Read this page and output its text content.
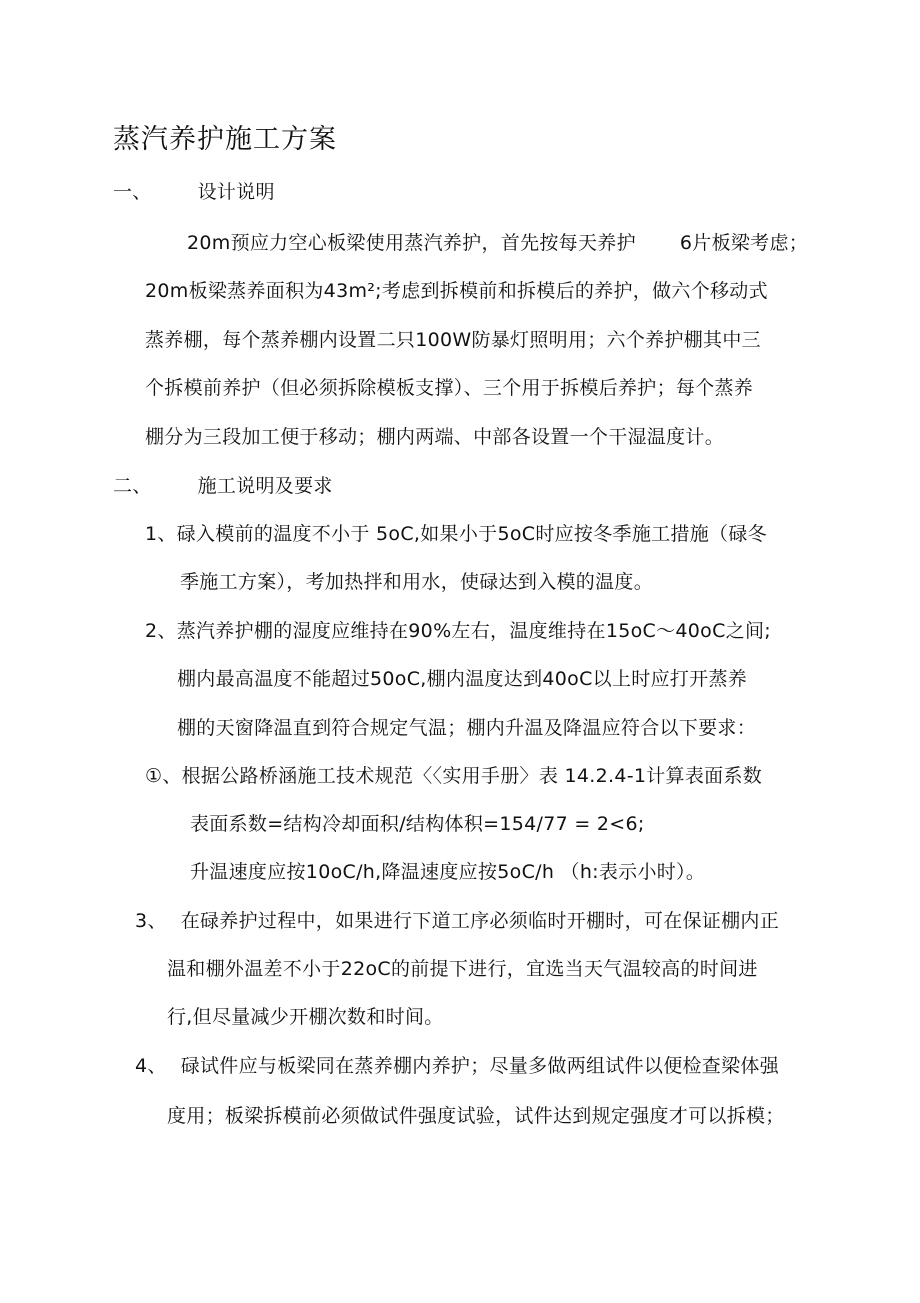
蒸汽养护施工方案
一、 设计说明
20m预应力空心板梁使用蒸汽养护，首先按每天养护 6片板梁考虑；
20m板梁蒸养面积为43m²;考虑到拆模前和拆模后的养护，做六个移动式
蒸养棚，每个蒸养棚内设置二只100W防暴灯照明用；六个养护棚其中三
个拆模前养护（但必须拆除模板支撑）、三个用于拆模后养护；每个蒸养
棚分为三段加工便于移动；棚内两端、中部各设置一个干湿温度计。
二、 施工说明及要求
1、碌入模前的温度不小于 5oC,如果小于5oC时应按冬季施工措施（碌冬
季施工方案），考加热拌和用水，使碌达到入模的温度。
2、蒸汽养护棚的湿度应维持在90%左右，温度维持在15oC〜40oC之间;
棚内最高温度不能超过50oC,棚内温度达到40oC以上时应打开蒸养
棚的天窗降温直到符合规定气温；棚内升温及降温应符合以下要求：
①、根据公路桥涵施工技术规范〈〈实用手册〉表 14.2.4-1计算表面系数
表面系数=结构冷却面积/结构体积=154/77 = 2<6;
升温速度应按10oC/h,降温速度应按5oC/h （h:表示小时）。
3、 在碌养护过程中，如果进行下道工序必须临时开棚时，可在保证棚内正
温和棚外温差不小于22oC的前提下进行，宜选当天气温较高的时间进
行,但尽量减少开棚次数和时间。
4、 碌试件应与板梁同在蒸养棚内养护；尽量多做两组试件以便检查梁体强
度用；板梁拆模前必须做试件强度试验，试件达到规定强度才可以拆模；
